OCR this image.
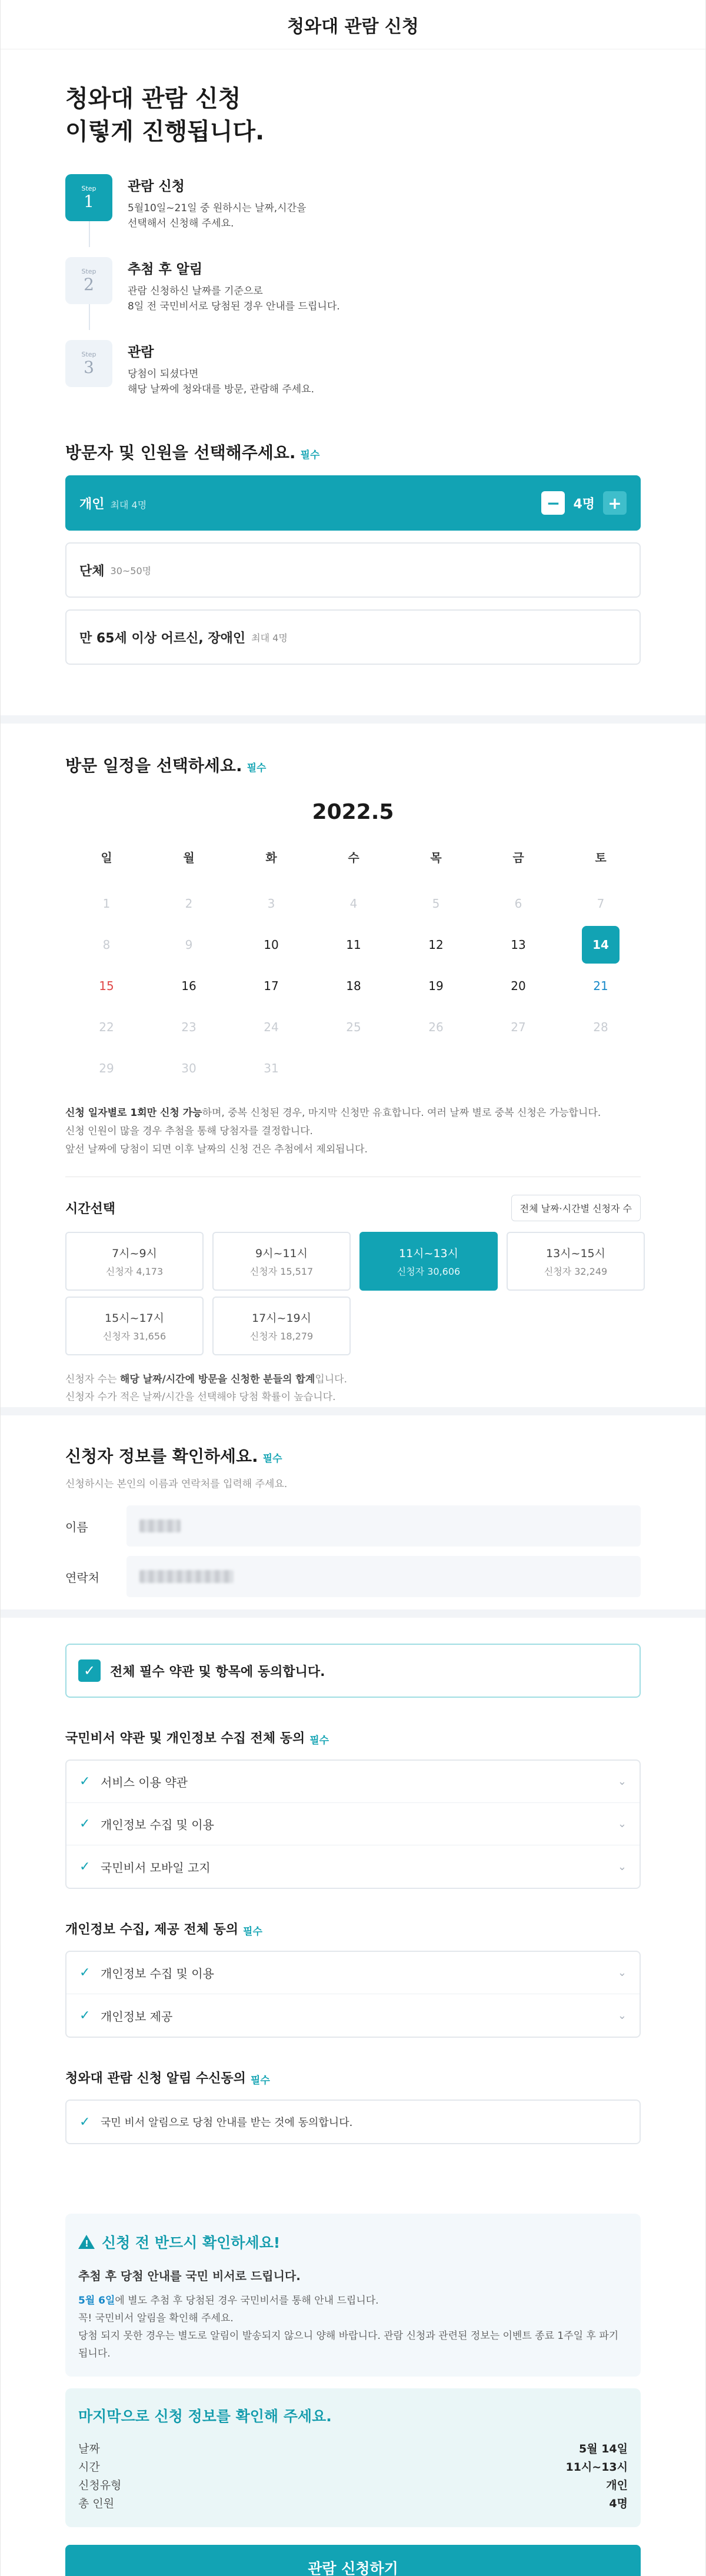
청와대 관람 신청
청와대 관람 신청
이렇게 진행됩니다.
Step
1
관람 신청
5월10일~21일 중 원하시는 날짜,시간을
선택해서 신청해 주세요.
Step
2
추첨 후 알림
관람 신청하신 날짜를 기준으로
8일 전 국민비서로 당첨된 경우 안내를 드립니다.
Step
3
관람
당첨이 되셨다면
해당 날짜에 청와대를 방문, 관람해 주세요.
방문자 및 인원을 선택해주세요. 필수
개인 최대 4명	−	4명 +
단체 30~50명
만 65세 이상 어르신, 장애인 최대 4명
방문 일정을 선택하세요. 필수
2022.5
일	월	화	수	목	금	토
1	2	3	4	5	6	7
8	9	10	11	12	13	14
15	16	17	18	19	20	21
22	23	24	25	26	27	28
29	30	31
신청 일자별로 1회만 신청 가능하며, 중복 신청된 경우, 마지막 신청만 유효합니다. 여러 날짜 별로 중복 신청은 가능합니다.
신청 인원이 많을 경우 추첨을 통해 당첨자를 결정합니다.
앞선 날짜에 당첨이 되면 이후 날짜의 신청 건은 추첨에서 제외됩니다.
시간선택	전체 날짜·시간별 신청자 수
7시~9시
신청자 4,173
9시~11시
신청자 15,517
11시~13시
신청자 30,606
13시~15시
신청자 32,249
15시~17시
신청자 31,656
17시~19시
신청자 18,279
신청자 수는 해당 날짜/시간에 방문을 신청한 분들의 합계입니다.
신청자 수가 적은 날짜/시간을 선택해야 당첨 확률이 높습니다.
신청자 정보를 확인하세요. 필수
신청하시는 본인의 이름과 연락처를 입력해 주세요.
이름
연락처
✓	전체 필수 약관 및 항목에 동의합니다.
국민비서 약관 및 개인정보 수집 전체 동의 필수
✓ 서비스 이용 약관	⌄
✓ 개인정보 수집 및 이용	⌄
✓ 국민비서 모바일 고지	⌄
개인정보 수집, 제공 전체 동의 필수
✓ 개인정보 수집 및 이용	⌄
✓ 개인정보 제공	⌄
청와대 관람 신청 알림 수신동의 필수
✓ 국민 비서 알림으로 당첨 안내를 받는 것에 동의합니다.
!
신청 전 반드시 확인하세요!
추첨 후 당첨 안내를 국민 비서로 드립니다.
5월 6일에 별도 추첨 후 당첨된 경우 국민비서를 통해 안내 드립니다.
꼭! 국민비서 알림을 확인해 주세요.
당첨 되지 못한 경우는 별도로 알림이 발송되지 않으니 양해 바랍니다. 관람 신청과 관련된 정보는 이벤트 종료 1주일 후 파기됩니다.
마지막으로 신청 정보를 확인해 주세요.
날짜	5월 14일
시간	11시~13시
신청유형	개인
총 인원	4명
관람 신청하기
